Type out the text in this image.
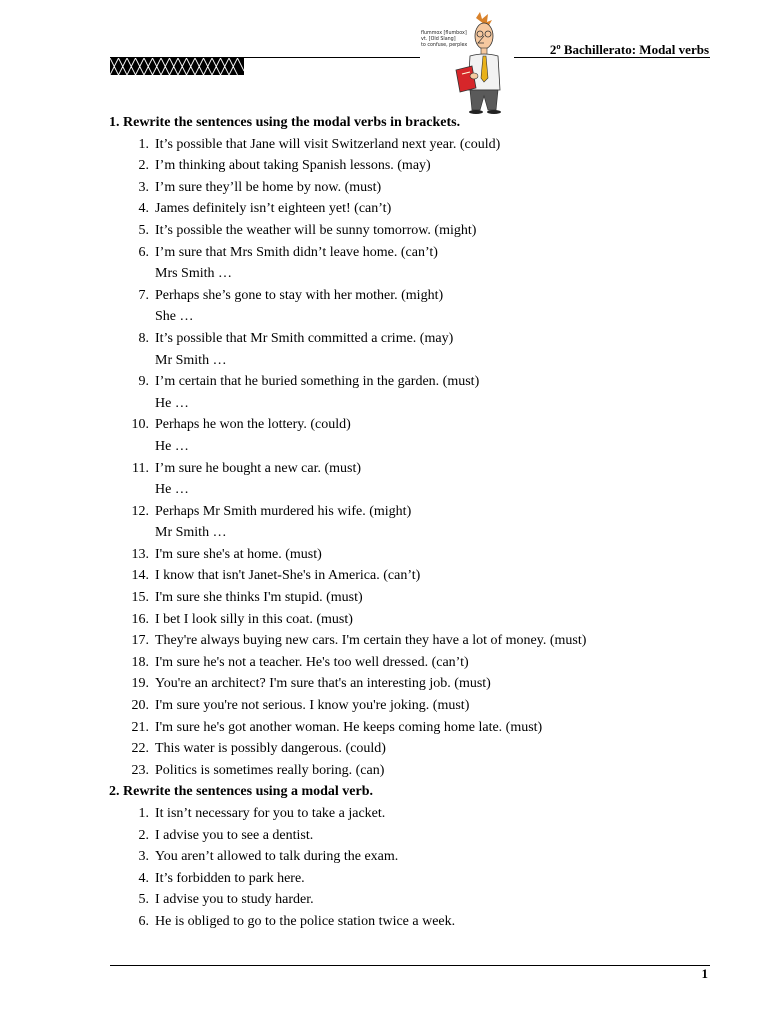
2º Bachillerato: Modal verbs
flummox [flumbox]
vt. [Old Slang]
to confuse, perplex
1. Rewrite the sentences using the modal verbs in brackets.
1. It’s possible that Jane will visit Switzerland next year. (could)
2. I’m thinking about taking Spanish lessons. (may)
3. I’m sure they’ll be home by now. (must)
4. James definitely isn’t eighteen yet! (can’t)
5. It’s possible the weather will be sunny tomorrow. (might)
6. I’m sure that Mrs Smith didn’t leave home. (can’t)
Mrs Smith …
7. Perhaps she’s gone to stay with her mother. (might)
She …
8. It’s possible that Mr Smith committed a crime. (may)
Mr Smith …
9. I’m certain that he buried something in the garden. (must)
He …
10. Perhaps he won the lottery. (could)
He …
11. I’m sure he bought a new car. (must)
He …
12. Perhaps Mr Smith murdered his wife. (might)
Mr Smith …
13. I'm sure she's at home. (must)
14. I know that isn't Janet-She's in America. (can’t)
15. I'm sure she thinks I'm stupid. (must)
16. I bet I look silly in this coat. (must)
17. They're always buying new cars. I'm certain they have a lot of money. (must)
18. I'm sure he's not a teacher. He's too well dressed. (can’t)
19. You're an architect? I'm sure that's an interesting job. (must)
20. I'm sure you're not serious. I know you're joking. (must)
21. I'm sure he's got another woman. He keeps coming home late. (must)
22. This water is possibly dangerous. (could)
23. Politics is sometimes really boring. (can)
2. Rewrite the sentences using a modal verb.
1. It isn’t necessary for you to take a jacket.
2. I advise you to see a dentist.
3. You aren’t allowed to talk during the exam.
4. It’s forbidden to park here.
5. I advise you to study harder.
6. He is obliged to go to the police station twice a week.
1
